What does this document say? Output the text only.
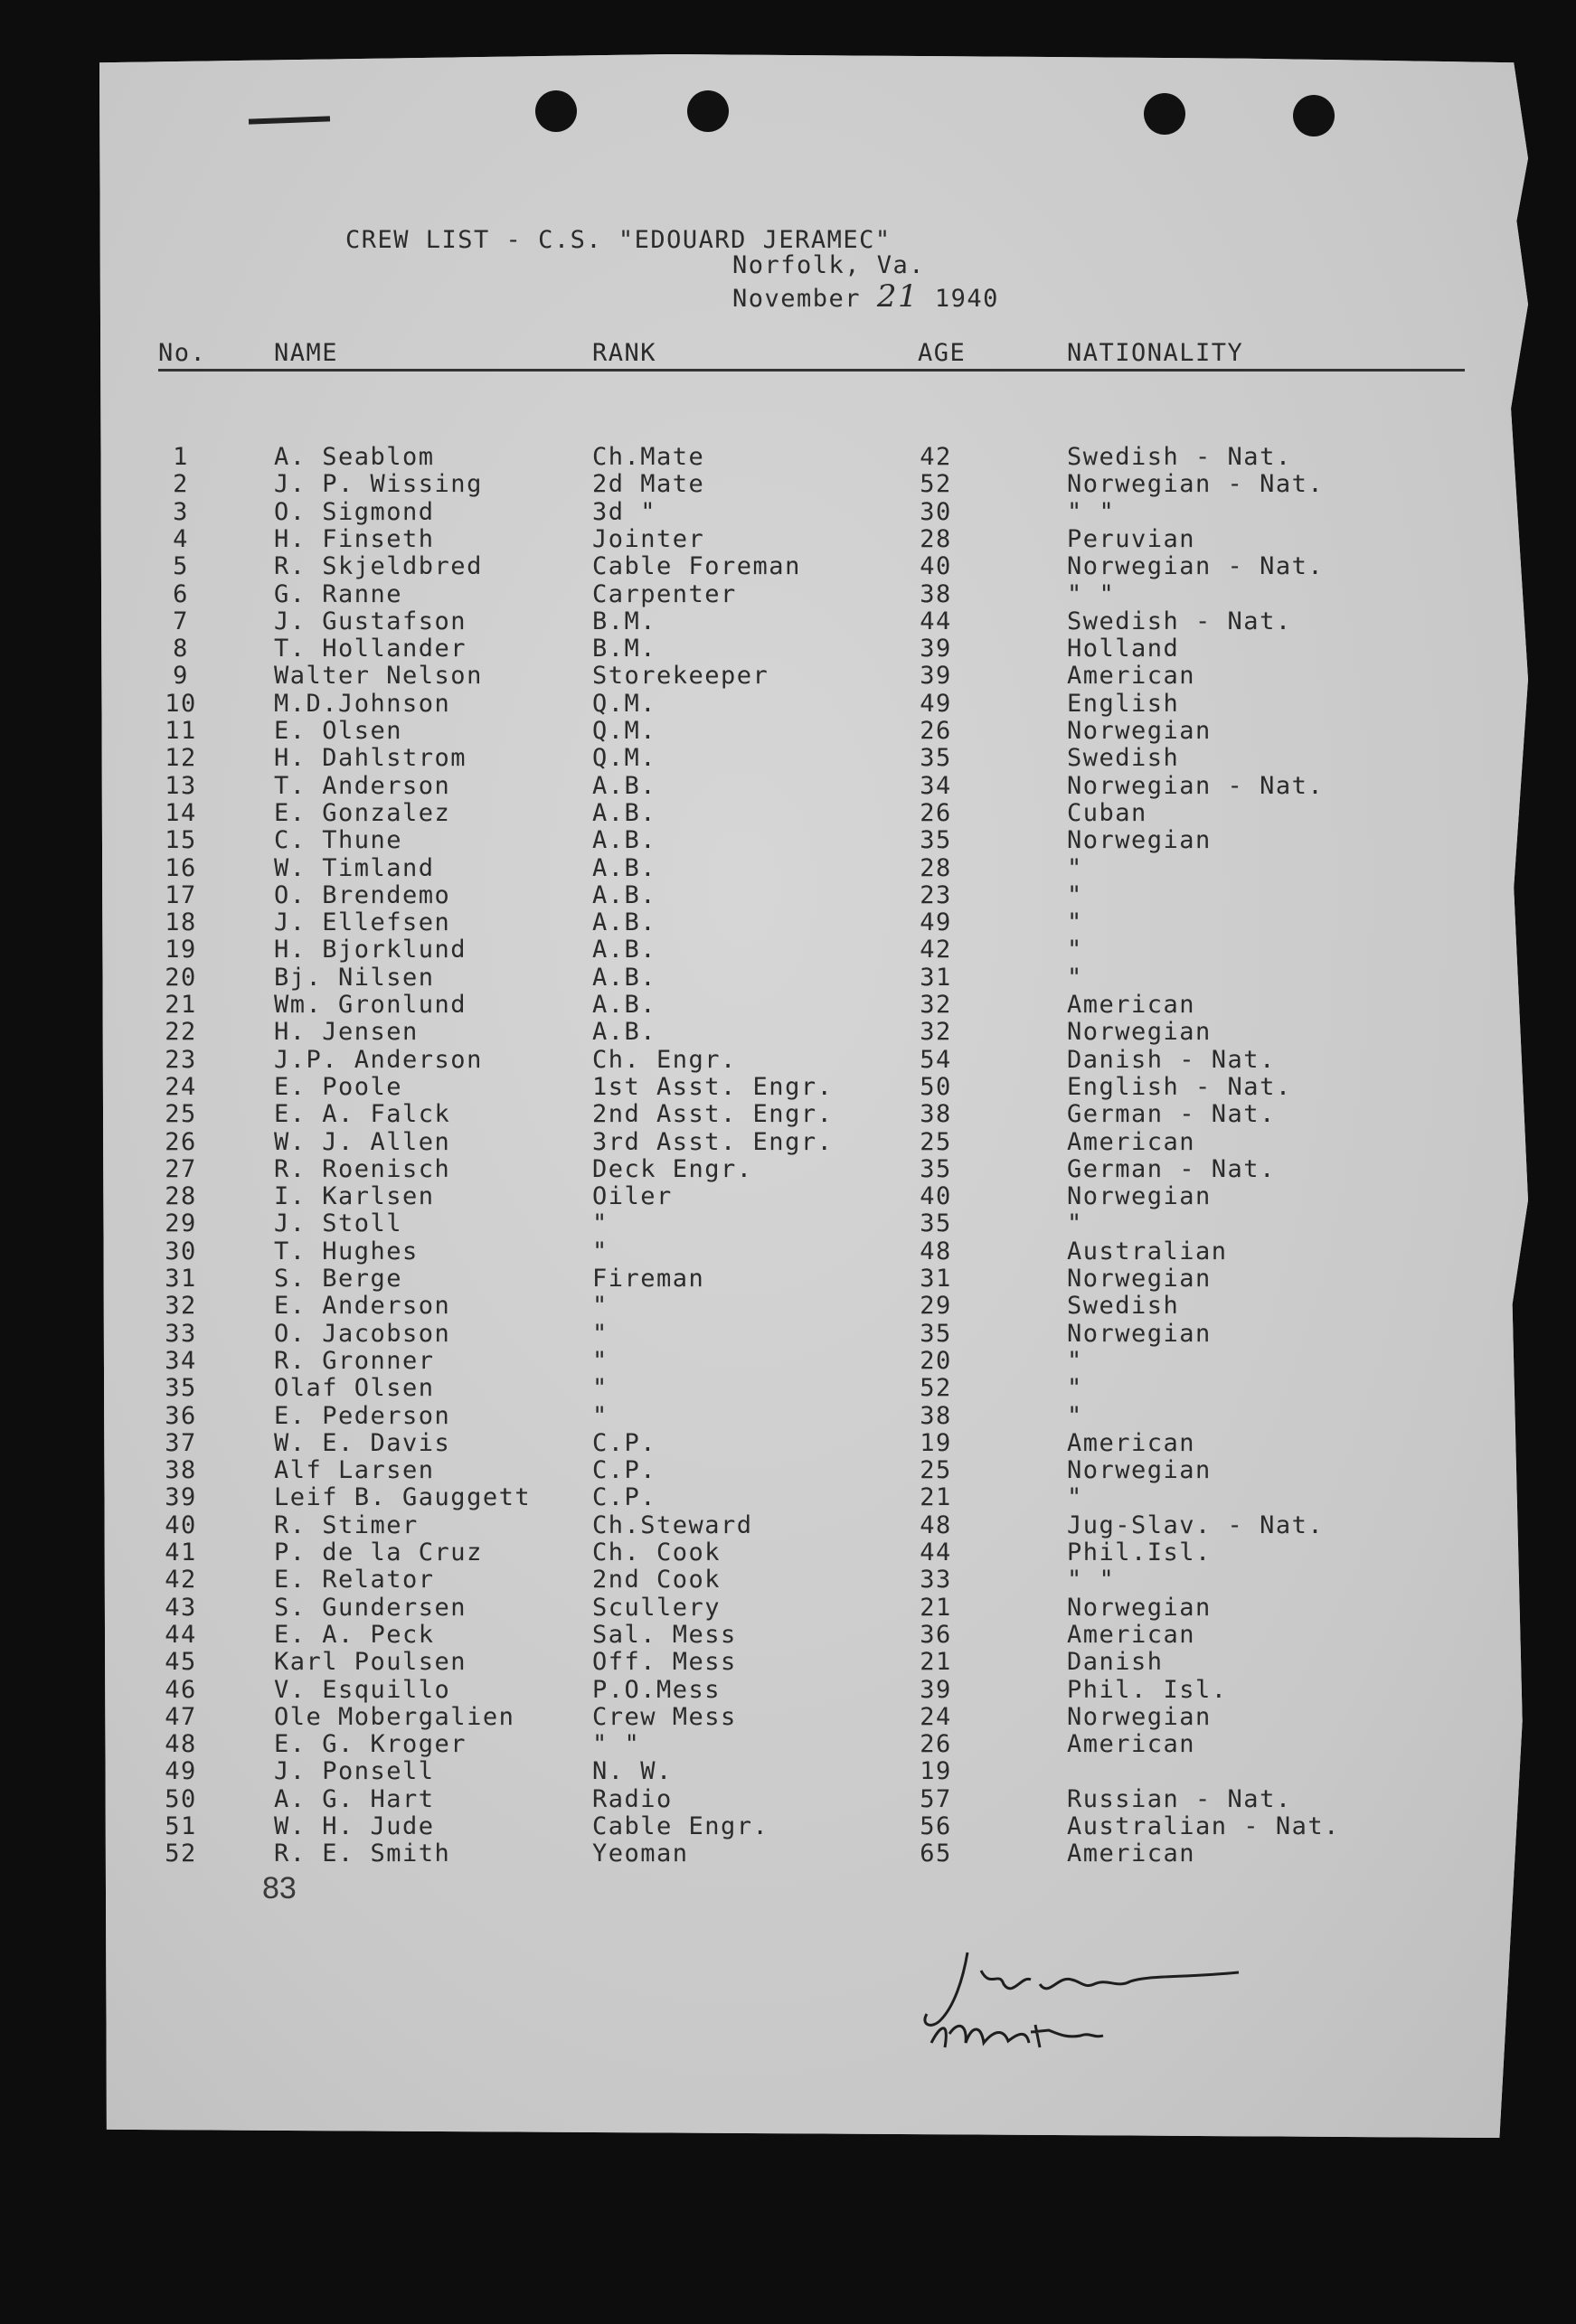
CREW LIST - C.S. "EDOUARD JERAMEC"
Norfolk, Va.
November 21 1940
No.	NAME	RANK	AGE	NATIONALITY
1	A. Seablom	Ch.Mate	42	Swedish - Nat.
2	J. P. Wissing	2d Mate	52	Norwegian - Nat.
3	O. Sigmond	3d "	30	" "
4	H. Finseth	Jointer	28	Peruvian
5	R. Skjeldbred	Cable Foreman	40	Norwegian - Nat.
6	G. Ranne	Carpenter	38	" "
7	J. Gustafson	B.M.	44	Swedish - Nat.
8	T. Hollander	B.M.	39	Holland
9	Walter Nelson	Storekeeper	39	American
10	M.D.Johnson	Q.M.	49	English
11	E. Olsen	Q.M.	26	Norwegian
12	H. Dahlstrom	Q.M.	35	Swedish
13	T. Anderson	A.B.	34	Norwegian - Nat.
14	E. Gonzalez	A.B.	26	Cuban
15	C. Thune	A.B.	35	Norwegian
16	W. Timland	A.B.	28	"
17	O. Brendemo	A.B.	23	"
18	J. Ellefsen	A.B.	49	"
19	H. Bjorklund	A.B.	42	"
20	Bj. Nilsen	A.B.	31	"
21	Wm. Gronlund	A.B.	32	American
22	H. Jensen	A.B.	32	Norwegian
23	J.P. Anderson	Ch. Engr.	54	Danish - Nat.
24	E. Poole	1st Asst. Engr.	50	English - Nat.
25	E. A. Falck	2nd Asst. Engr.	38	German - Nat.
26	W. J. Allen	3rd Asst. Engr.	25	American
27	R. Roenisch	Deck Engr.	35	German - Nat.
28	I. Karlsen	Oiler	40	Norwegian
29	J. Stoll	"	35	"
30	T. Hughes	"	48	Australian
31	S. Berge	Fireman	31	Norwegian
32	E. Anderson	"	29	Swedish
33	O. Jacobson	"	35	Norwegian
34	R. Gronner	"	20	"
35	Olaf Olsen	"	52	"
36	E. Pederson	"	38	"
37	W. E. Davis	C.P.	19	American
38	Alf Larsen	C.P.	25	Norwegian
39	Leif B. Gauggett	C.P.	21	"
40	R. Stimer	Ch.Steward	48	Jug-Slav. - Nat.
41	P. de la Cruz	Ch. Cook	44	Phil.Isl.
42	E. Relator	2nd Cook	33	" "
43	S. Gundersen	Scullery	21	Norwegian
44	E. A. Peck	Sal. Mess	36	American
45	Karl Poulsen	Off. Mess	21	Danish
46	V. Esquillo	P.O.Mess	39	Phil. Isl.
47	Ole Mobergalien	Crew Mess	24	Norwegian
48	E. G. Kroger	" "	26	American
49	J. Ponsell	N. W.	19
50	A. G. Hart	Radio	57	Russian - Nat.
51	W. H. Jude	Cable Engr.	56	Australian - Nat.
52	R. E. Smith	Yeoman	65	American
83
